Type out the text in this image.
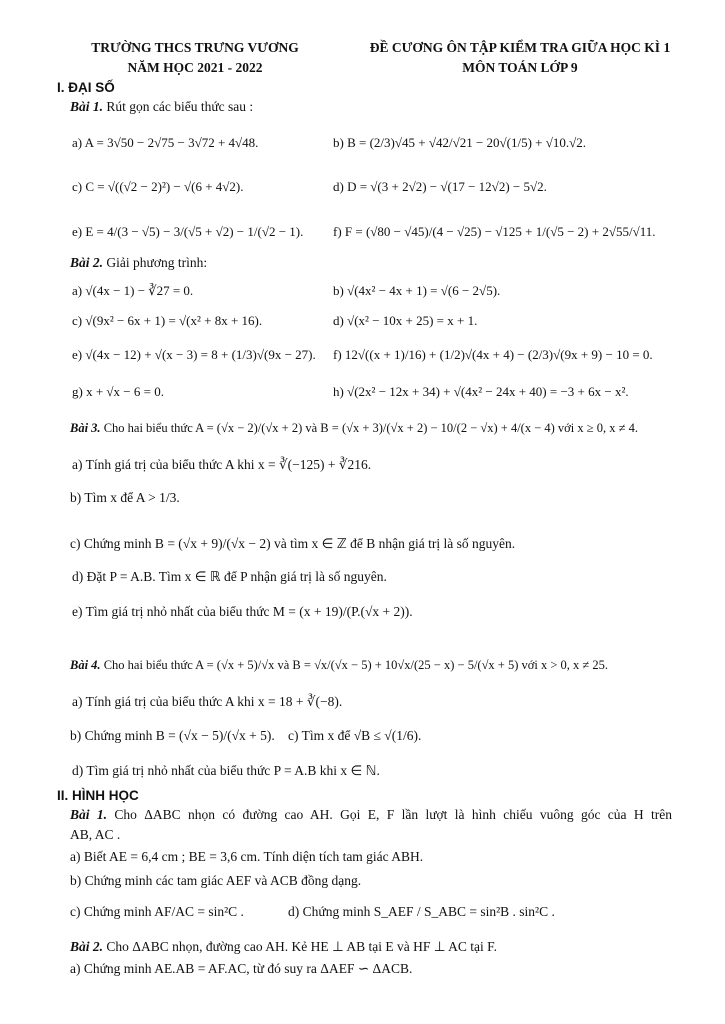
TRƯỜNG THCS TRƯNG VƯƠNG
NĂM HỌC 2021 - 2022
ĐỀ CƯƠNG ÔN TẬP KIỂM TRA GIỮA HỌC KÌ 1
MÔN TOÁN LỚP 9
I. ĐẠI SỐ
Bài 1. Rút gọn các biểu thức sau :
a) A = 3√50 − 2√75 − 3√72 + 4√48.	b) B = (2/3)√45 + √42/√21 − 20√(1/5) + √10.√2.
c) C = √((√2 − 2)²) − √(6 + 4√2).	d) D = √(3 + 2√2) − √(17 − 12√2) − 5√2.
e) E = 4/(3 − √5) − 3/(√5 + √2) − 1/(√2 − 1). f) F = (√80 − √45)/(4 − √25) − √125 + 1/(√5 − 2) + 2√55/√11.
Bài 2. Giải phương trình:
a) √(4x − 1) − ∛27 = 0.	b) √(4x² − 4x + 1) = √(6 − 2√5).
c) √(9x² − 6x + 1) = √(x² + 8x + 16).	d) √(x² − 10x + 25) = x + 1.
e) √(4x − 12) + √(x − 3) = 8 + (1/3)√(9x − 27). f) 12√((x + 1)/16) + (1/2)√(4x + 4) − (2/3)√(9x + 9) − 10 = 0.
g) x + √x − 6 = 0.	h) √(2x² − 12x + 34) + √(4x² − 24x + 40) = −3 + 6x − x².
Bài 3. Cho hai biểu thức A = (√x − 2)/(√x + 2) và B = (√x + 3)/(√x + 2) − 10/(2 − √x) + 4/(x − 4) với x ≥ 0, x ≠ 4.
a) Tính giá trị của biểu thức A khi x = ∛(−125) + ∛216.
b) Tìm x để A > 1/3.
c) Chứng minh B = (√x + 9)/(√x − 2) và tìm x ∈ ℤ để B nhận giá trị là số nguyên.
d) Đặt P = A.B. Tìm x ∈ ℝ để P nhận giá trị là số nguyên.
e) Tìm giá trị nhỏ nhất của biểu thức M = (x + 19)/(P.(√x + 2)).
Bài 4. Cho hai biểu thức A = (√x + 5)/√x và B = √x/(√x − 5) + 10√x/(25 − x) − 5/(√x + 5) với x > 0, x ≠ 25.
a) Tính giá trị của biểu thức A khi x = 18 + ∛(−8).
b) Chứng minh B = (√x − 5)/(√x + 5). c) Tìm x để √B ≤ √(1/6).
d) Tìm giá trị nhỏ nhất của biểu thức P = A.B khi x ∈ ℕ.
II. HÌNH HỌC
Bài 1. Cho ΔABC nhọn có đường cao AH. Gọi E, F lần lượt là hình chiếu vuông góc của H trên
AB, AC .
a) Biết AE = 6,4 cm ; BE = 3,6 cm. Tính diện tích tam giác ABH.
b) Chứng minh các tam giác AEF và ACB đồng dạng.
c) Chứng minh AF/AC = sin²C .	d) Chứng minh S_AEF / S_ABC = sin²B . sin²C .
Bài 2. Cho ΔABC nhọn, đường cao AH. Kẻ HE ⊥ AB tại E và HF ⊥ AC tại F.
a) Chứng minh AE.AB = AF.AC, từ đó suy ra ΔAEF ∽ ΔACB.
